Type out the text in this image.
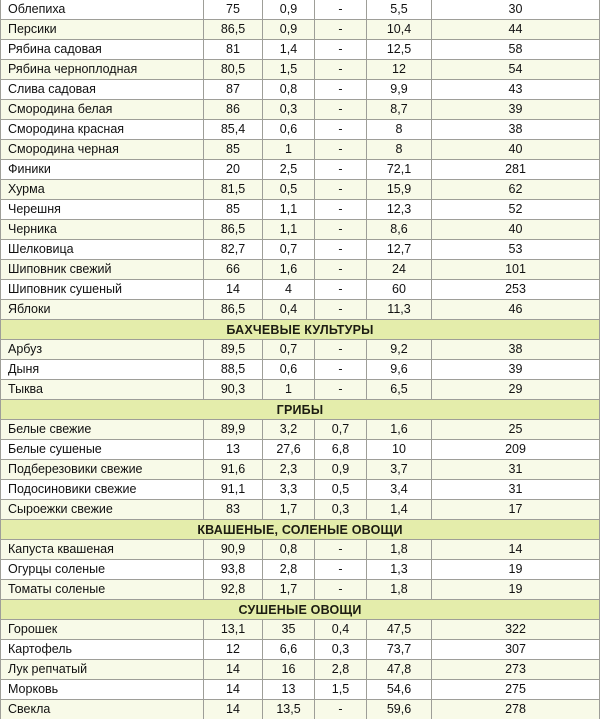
Облепиха	75	0,9	-	5,5	30
Персики	86,5	0,9	-	10,4	44
Рябина садовая	81	1,4	-	12,5	58
Рябина черноплодная	80,5	1,5	-	12	54
Слива садовая	87	0,8	-	9,9	43
Смородина белая	86	0,3	-	8,7	39
Смородина красная	85,4	0,6	-	8	38
Смородина черная	85	1	-	8	40
Финики	20	2,5	-	72,1	281
Хурма	81,5	0,5	-	15,9	62
Черешня	85	1,1	-	12,3	52
Черника	86,5	1,1	-	8,6	40
Шелковица	82,7	0,7	-	12,7	53
Шиповник свежий	66	1,6	-	24	101
Шиповник сушеный	14	4	-	60	253
Яблоки	86,5	0,4	-	11,3	46
БАХЧЕВЫЕ КУЛЬТУРЫ
Арбуз	89,5	0,7	-	9,2	38
Дыня	88,5	0,6	-	9,6	39
Тыква	90,3	1	-	6,5	29
ГРИБЫ
Белые свежие	89,9	3,2	0,7	1,6	25
Белые сушеные	13	27,6	6,8	10	209
Подберезовики свежие	91,6	2,3	0,9	3,7	31
Подосиновики свежие	91,1	3,3	0,5	3,4	31
Сыроежки свежие	83	1,7	0,3	1,4	17
КВАШЕНЫЕ, СОЛЕНЫЕ ОВОЩИ
Капуста квашеная	90,9	0,8	-	1,8	14
Огурцы соленые	93,8	2,8	-	1,3	19
Томаты соленые	92,8	1,7	-	1,8	19
СУШЕНЫЕ ОВОЩИ
Горошек	13,1	35	0,4	47,5	322
Картофель	12	6,6	0,3	73,7	307
Лук репчатый	14	16	2,8	47,8	273
Морковь	14	13	1,5	54,6	275
Свекла	14	13,5	-	59,6	278
